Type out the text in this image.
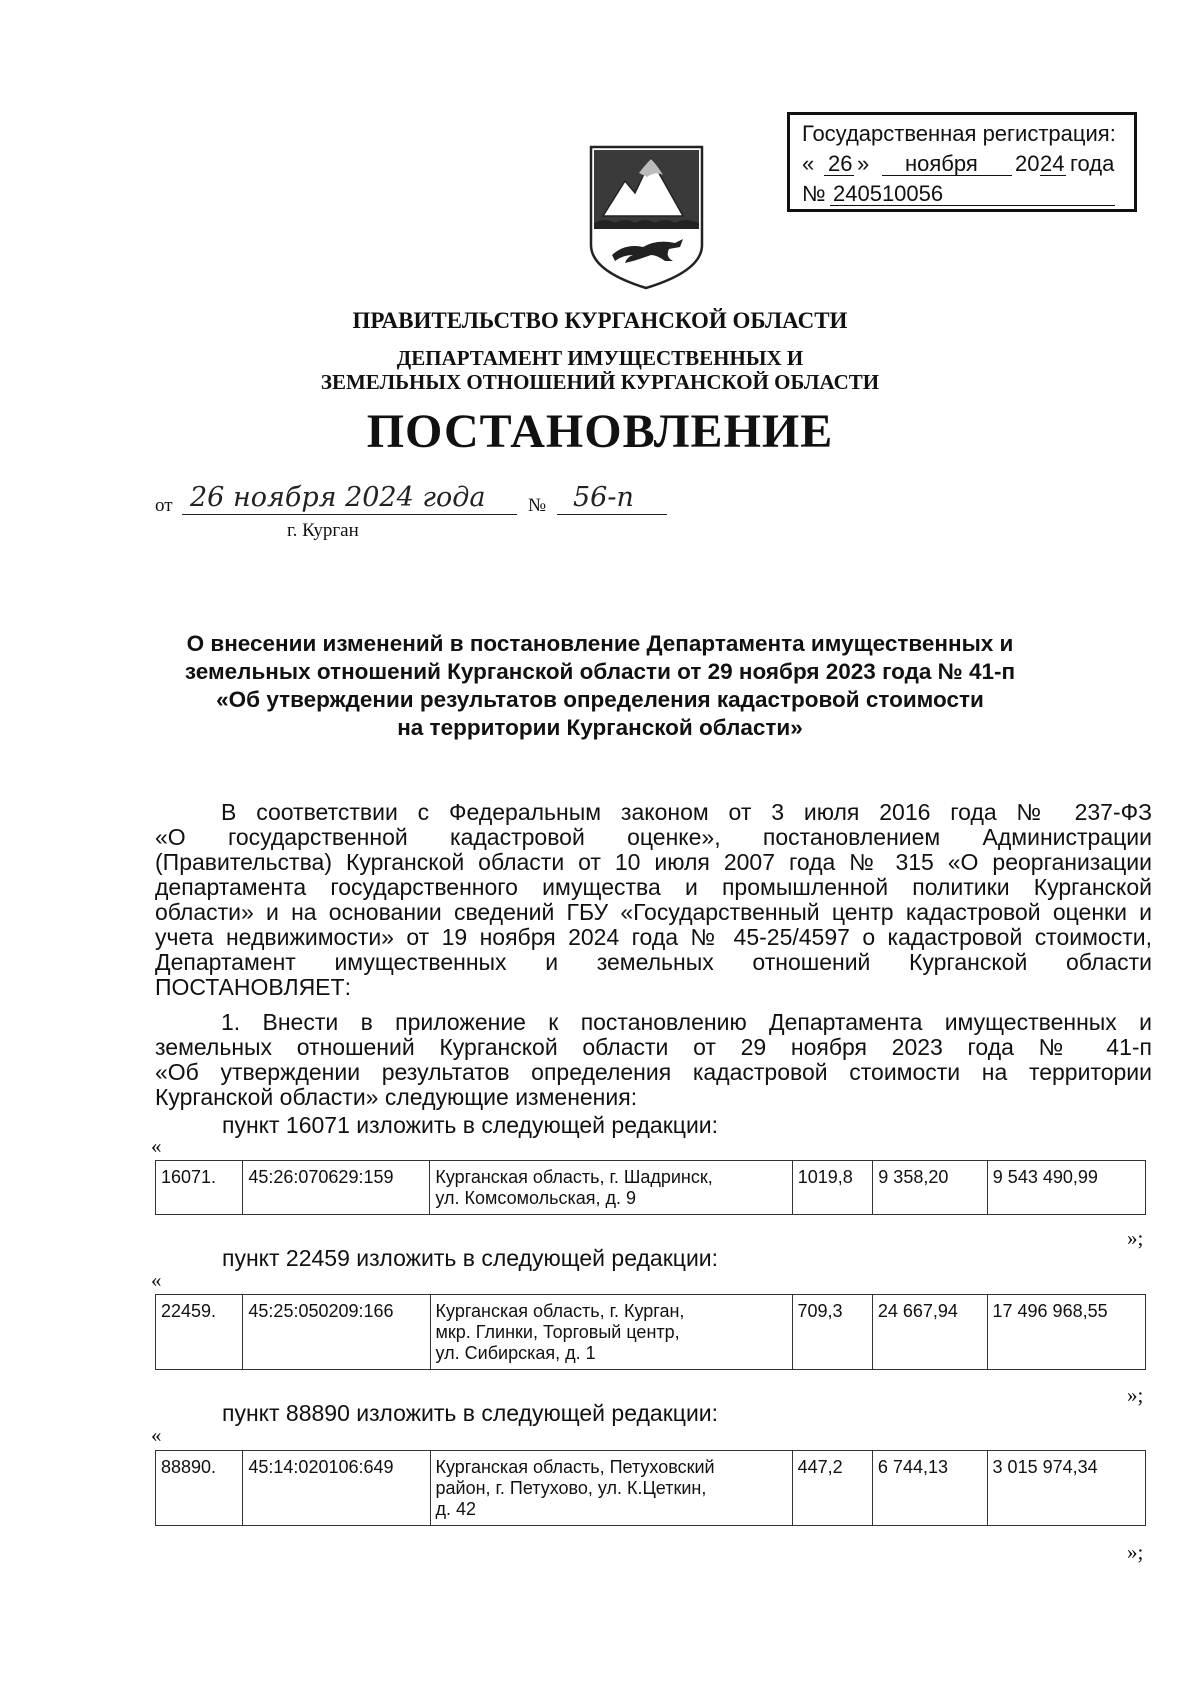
Государственная регистрация:
« 26 » ноября 20 24 года
№ 240510056
ПРАВИТЕЛЬСТВО КУРГАНСКОЙ ОБЛАСТИ
ДЕПАРТАМЕНТ ИМУЩЕСТВЕННЫХ И
ЗЕМЕЛЬНЫХ ОТНОШЕНИЙ КУРГАНСКОЙ ОБЛАСТИ
ПОСТАНОВЛЕНИЕ
от 26 ноября 2024 года № 56-п
г. Курган
О внесении изменений в постановление Департамента имущественных и
земельных отношений Курганской области от 29 ноября 2023 года № 41-п
«Об утверждении результатов определения кадастровой стоимости
на территории Курганской области»
В соответствии с Федеральным законом от 3 июля 2016 года № 237-ФЗ
«О государственной кадастровой оценке», постановлением Администрации
(Правительства) Курганской области от 10 июля 2007 года № 315 «О реорганизации
департамента государственного имущества и промышленной политики Курганской
области» и на основании сведений ГБУ «Государственный центр кадастровой оценки и
учета недвижимости» от 19 ноября 2024 года № 45-25/4597 о кадастровой стоимости,
Департамент имущественных и земельных отношений Курганской области
ПОСТАНОВЛЯЕТ:
1. Внести в приложение к постановлению Департамента имущественных и
земельных отношений Курганской области от 29 ноября 2023 года № 41-п
«Об утверждении результатов определения кадастровой стоимости на территории
Курганской области» следующие изменения:
пункт 16071 изложить в следующей редакции:
«
16071.	45:26:070629:159	Курганская область, г. Шадринск,
ул. Комсомольская, д. 9
	1019,8	9 358,20	9 543 490,99
»;
пункт 22459 изложить в следующей редакции:
«
22459.	45:25:050209:166	Курганская область, г. Курган,
мкр. Глинки, Торговый центр,
ул. Сибирская, д. 1
	709,3	24 667,94	17 496 968,55
»;
пункт 88890 изложить в следующей редакции:
«
88890.	45:14:020106:649	Курганская область, Петуховский
район, г. Петухово, ул. К.Цеткин,
д. 42
	447,2	6 744,13	3 015 974,34
»;
